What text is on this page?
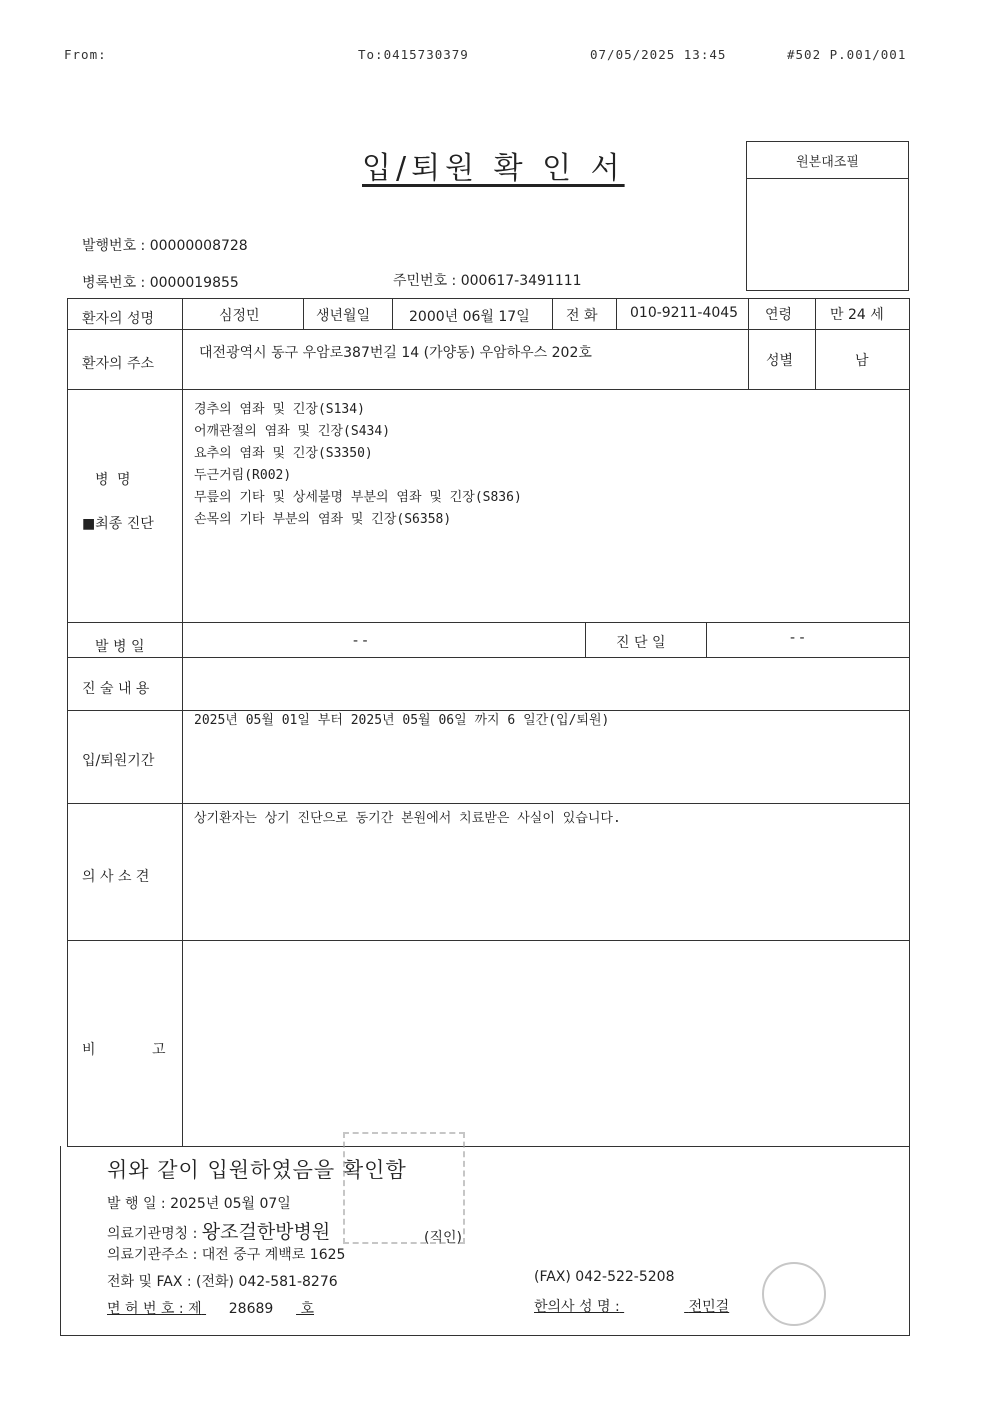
From:	To:0415730379	07/05/2025 13:45	#502 P.001/001
입/퇴원 확 인 서	원본대조필
발행번호 : 00000008728
병록번호 : 0000019855	주민번호 : 000617-3491111
환자의 성명	심정민	생년월일	2000년 06월 17일	전 화 010-9211-4045 연령	만 24 세
환자의 주소
대전광역시 동구 우암로387번길 14 (가양동) 우암하우스 202호	성별	남
병 명
■최종 진단
경추의 염좌 및 긴장(S134)
어깨관절의 염좌 및 긴장(S434)
요추의 염좌 및 긴장(S3350)
두근거림(R002)
무릎의 기타 및 상세불명 부분의 염좌 및 긴장(S836)
손목의 기타 부분의 염좌 및 긴장(S6358)
발 병 일	- -	진 단 일	- -
진 술 내 용
입/퇴원기간
2025년 05월 01일 부터 2025년 05월 06일 까지 6 일간(입/퇴원)
의 사 소 견
상기환자는 상기 진단으로 동기간 본원에서 치료받은 사실이 있습니다.
비	고
위와 같이 입원하였음을 확인함
발 행 일 : 2025년 05월 07일
의료기관명칭 : 왕조걸한방병원	(직인)
의료기관주소 : 대전 중구 계백로 1625
전화 및 FAX : (전화) 042-581-8276	(FAX) 042-522-5208
면 허 번 호 : 제 28689 호	한의사 성 명 :	전민걸
